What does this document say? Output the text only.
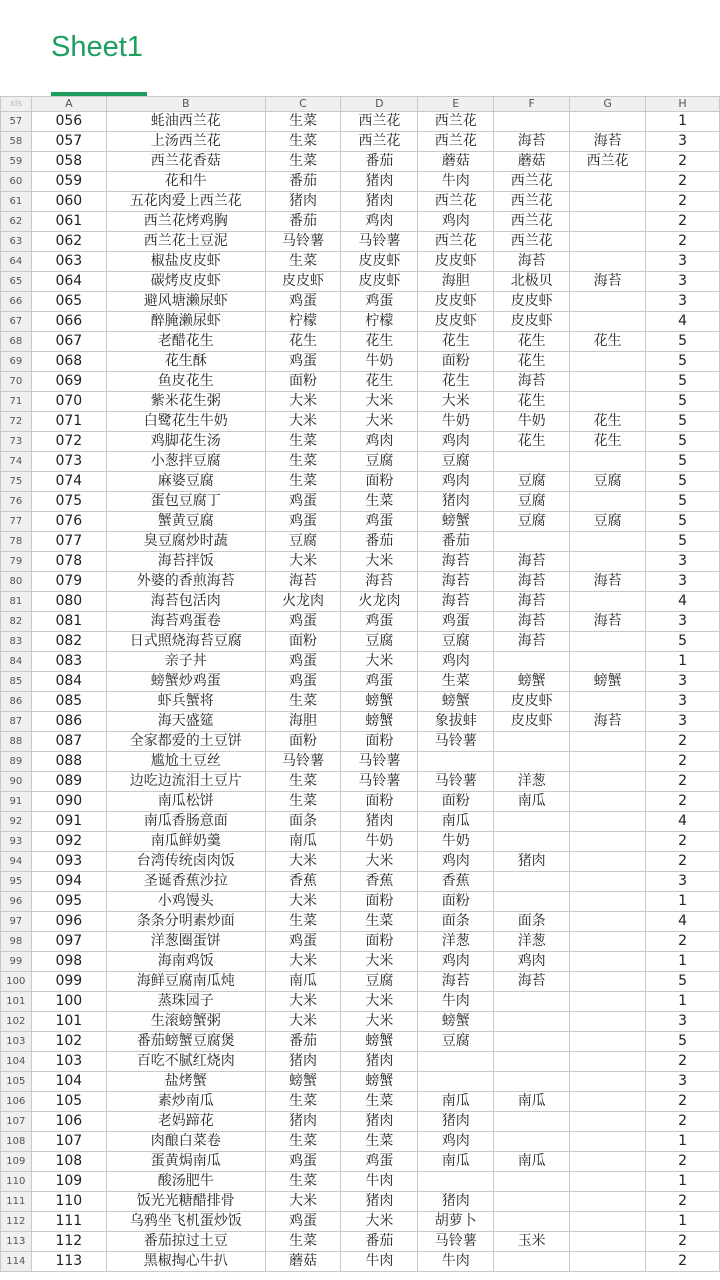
Sheet1
xls	A	B	C	D	E	F	G	H
57	056	蚝油西兰花	生菜	西兰花	西兰花			1
58	057	上汤西兰花	生菜	西兰花	西兰花	海苔	海苔	3
59	058	西兰花香菇	生菜	番茄	蘑菇	蘑菇	西兰花	2
60	059	花和牛	番茄	猪肉	牛肉	西兰花		2
61	060	五花肉爱上西兰花	猪肉	猪肉	西兰花	西兰花		2
62	061	西兰花烤鸡胸	番茄	鸡肉	鸡肉	西兰花		2
63	062	西兰花土豆泥	马铃薯	马铃薯	西兰花	西兰花		2
64	063	椒盐皮皮虾	生菜	皮皮虾	皮皮虾	海苔		3
65	064	碳烤皮皮虾	皮皮虾	皮皮虾	海胆	北极贝	海苔	3
66	065	避风塘濑尿虾	鸡蛋	鸡蛋	皮皮虾	皮皮虾		3
67	066	醉腌濑尿虾	柠檬	柠檬	皮皮虾	皮皮虾		4
68	067	老醋花生	花生	花生	花生	花生	花生	5
69	068	花生酥	鸡蛋	牛奶	面粉	花生		5
70	069	鱼皮花生	面粉	花生	花生	海苔		5
71	070	紫米花生粥	大米	大米	大米	花生		5
72	071	白鹭花生牛奶	大米	大米	牛奶	牛奶	花生	5
73	072	鸡脚花生汤	生菜	鸡肉	鸡肉	花生	花生	5
74	073	小葱拌豆腐	生菜	豆腐	豆腐			5
75	074	麻婆豆腐	生菜	面粉	鸡肉	豆腐	豆腐	5
76	075	蛋包豆腐丁	鸡蛋	生菜	猪肉	豆腐		5
77	076	蟹黄豆腐	鸡蛋	鸡蛋	螃蟹	豆腐	豆腐	5
78	077	臭豆腐炒时蔬	豆腐	番茄	番茄			5
79	078	海苔拌饭	大米	大米	海苔	海苔		3
80	079	外婆的香煎海苔	海苔	海苔	海苔	海苔	海苔	3
81	080	海苔包活肉	火龙肉	火龙肉	海苔	海苔		4
82	081	海苔鸡蛋卷	鸡蛋	鸡蛋	鸡蛋	海苔	海苔	3
83	082	日式照烧海苔豆腐	面粉	豆腐	豆腐	海苔		5
84	083	亲子丼	鸡蛋	大米	鸡肉			1
85	084	螃蟹炒鸡蛋	鸡蛋	鸡蛋	生菜	螃蟹	螃蟹	3
86	085	虾兵蟹将	生菜	螃蟹	螃蟹	皮皮虾		3
87	086	海天盛筵	海胆	螃蟹	象拔蚌	皮皮虾	海苔	3
88	087	全家都爱的土豆饼	面粉	面粉	马铃薯			2
89	088	尴尬土豆丝	马铃薯	马铃薯				2
90	089	边吃边流泪土豆片	生菜	马铃薯	马铃薯	洋葱		2
91	090	南瓜松饼	生菜	面粉	面粉	南瓜		2
92	091	南瓜香肠意面	面条	猪肉	南瓜			4
93	092	南瓜鲜奶羹	南瓜	牛奶	牛奶			2
94	093	台湾传统卤肉饭	大米	大米	鸡肉	猪肉		2
95	094	圣诞香蕉沙拉	香蕉	香蕉	香蕉			3
96	095	小鸡馒头	大米	面粉	面粉			1
97	096	条条分明素炒面	生菜	生菜	面条	面条		4
98	097	洋葱圈蛋饼	鸡蛋	面粉	洋葱	洋葱		2
99	098	海南鸡饭	大米	大米	鸡肉	鸡肉		1
100	099	海鲜豆腐南瓜炖	南瓜	豆腐	海苔	海苔		5
101	100	蒸珠园子	大米	大米	牛肉			1
102	101	生滚螃蟹粥	大米	大米	螃蟹			3
103	102	番茄螃蟹豆腐煲	番茄	螃蟹	豆腐			5
104	103	百吃不腻红烧肉	猪肉	猪肉				2
105	104	盐烤蟹	螃蟹	螃蟹				3
106	105	素炒南瓜	生菜	生菜	南瓜	南瓜		2
107	106	老妈蹄花	猪肉	猪肉	猪肉			2
108	107	肉酿白菜卷	生菜	生菜	鸡肉			1
109	108	蛋黄焗南瓜	鸡蛋	鸡蛋	南瓜	南瓜		2
110	109	酸汤肥牛	生菜	牛肉				1
111	110	饭光光糖醋排骨	大米	猪肉	猪肉			2
112	111	乌鸦坐飞机蛋炒饭	鸡蛋	大米	胡萝卜			1
113	112	番茄掠过土豆	生菜	番茄	马铃薯	玉米		2
114	113	黑椒掏心牛扒	蘑菇	牛肉	牛肉			2
